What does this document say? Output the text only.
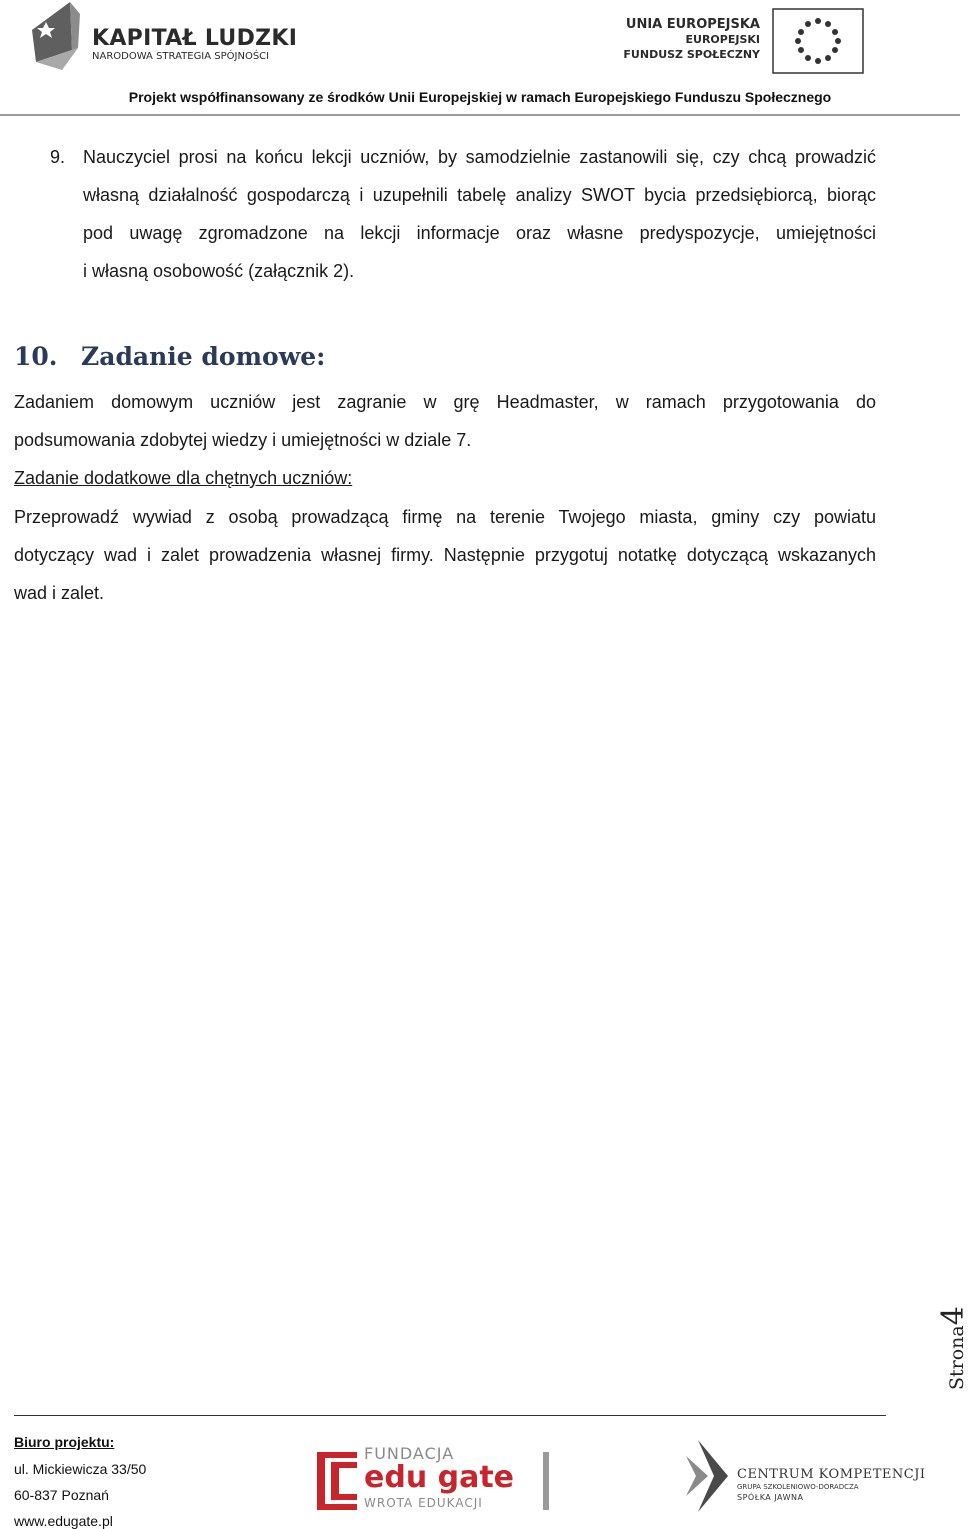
KAPITAŁ LUDZKI
NARODOWA STRATEGIA SPÓJNOŚCI
UNIA EUROPEJSKA
EUROPEJSKI
FUNDUSZ SPOŁECZNY
Projekt współfinansowany ze środków Unii Europejskiej w ramach Europejskiego Funduszu Społecznego
9. Nauczyciel prosi na końcu lekcji uczniów, by samodzielnie zastanowili się, czy chcą prowadzić
własną działalność gospodarczą i uzupełnili tabelę analizy SWOT bycia przedsiębiorcą, biorąc
pod uwagę zgromadzone na lekcji informacje oraz własne predyspozycje, umiejętności
i własną osobowość (załącznik 2).
10. Zadanie domowe:
Zadaniem domowym uczniów jest zagranie w grę Headmaster, w ramach przygotowania do
podsumowania zdobytej wiedzy i umiejętności w dziale 7.
Zadanie dodatkowe dla chętnych uczniów:
Przeprowadź wywiad z osobą prowadzącą firmę na terenie Twojego miasta, gminy czy powiatu
dotyczący wad i zalet prowadzenia własnej firmy. Następnie przygotuj notatkę dotyczącą wskazanych
wad i zalet.
Strona4
Biuro projektu:
ul. Mickiewicza 33/50
60-837 Poznań
www.edugate.pl
FUNDACJA
edu gate
WROTA EDUKACJI
CENTRUM KOMPETENCJI
GRUPA SZKOLENIOWO-DORADCZA
SPÓŁKA JAWNA
